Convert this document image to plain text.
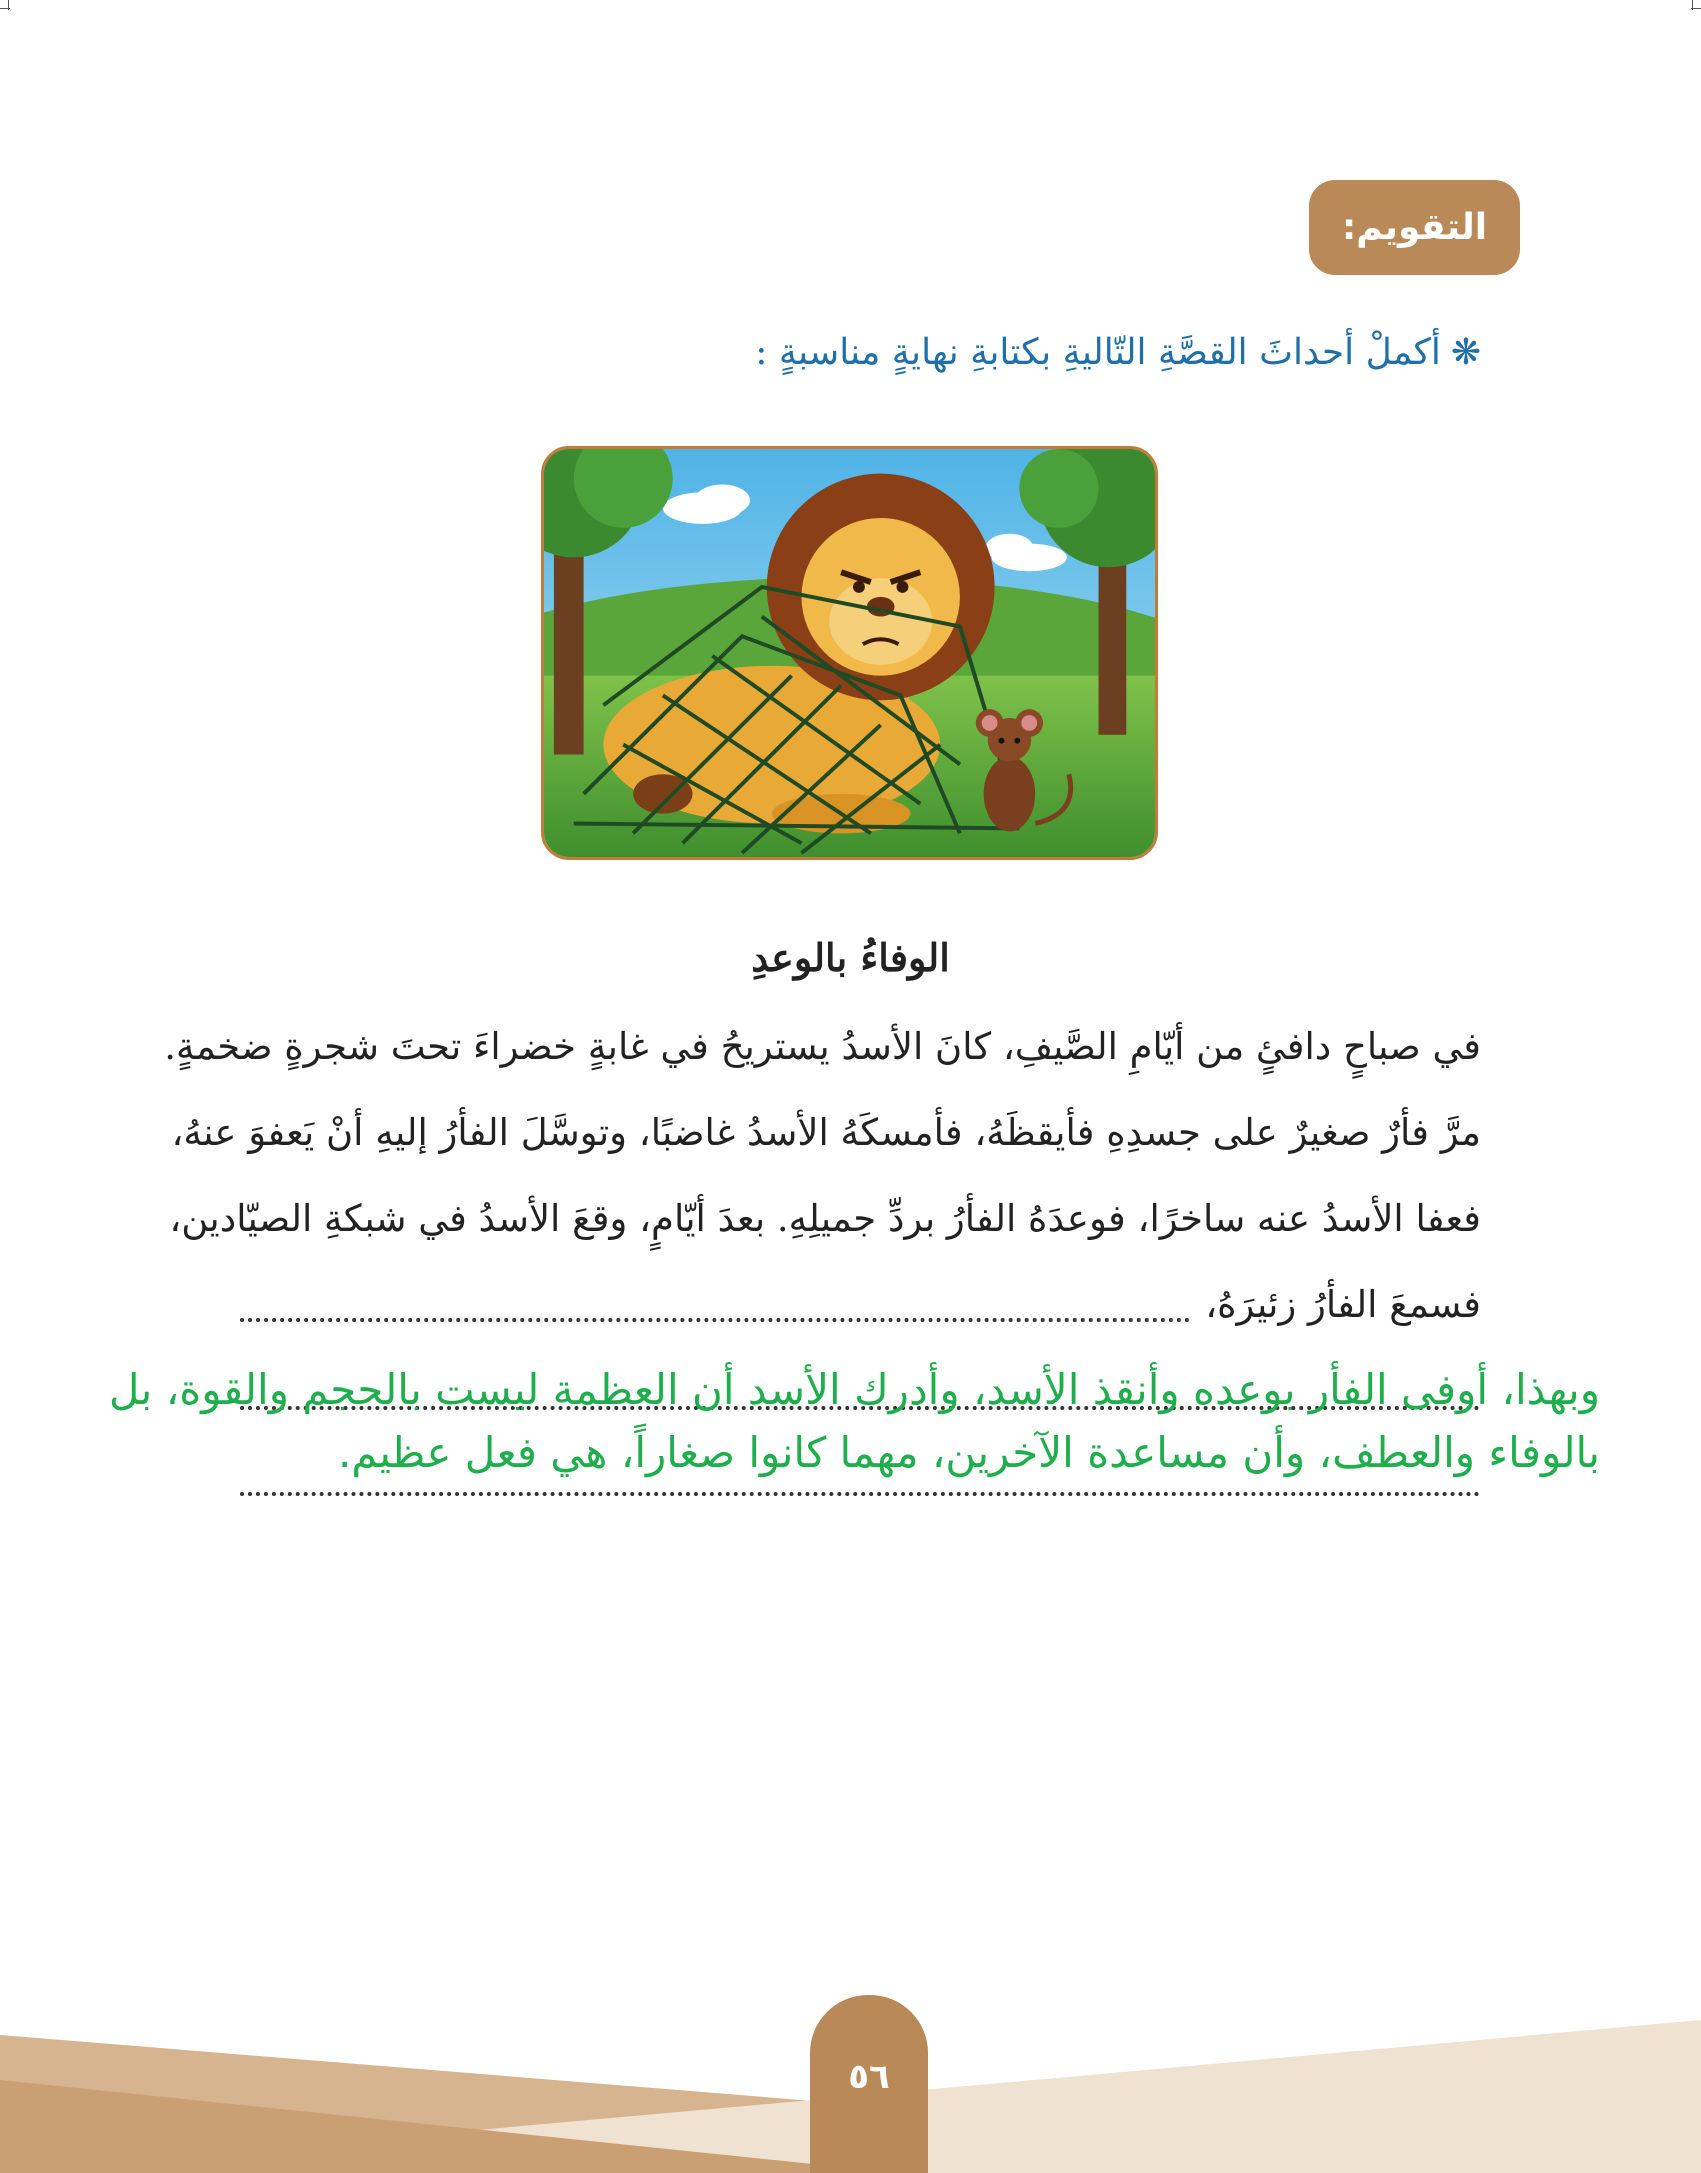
التقويم:
❋أكملْ أحداثَ القصَّةِ التّاليةِ بكتابةِ نهايةٍ مناسبةٍ :
الوفاءُ بالوعدِ
في صباحٍ دافئٍ من أيّامِ الصَّيفِ، كانَ الأسدُ يستريحُ في غابةٍ خضراءَ تحتَ شجرةٍ ضخمةٍ.
مرَّ فأرٌ صغيرٌ على جسدِهِ فأيقظَهُ، فأمسكَهُ الأسدُ غاضبًا، وتوسَّلَ الفأرُ إليهِ أنْ يَعفوَ عنهُ،
فعفا الأسدُ عنه ساخرًا، فوعدَهُ الفأرُ بردِّ جميلِهِ. بعدَ أيّامٍ، وقعَ الأسدُ في شبكةِ الصيّادين،
فسمعَ الفأرُ زئيرَهُ،
وبهذا، أوفى الفأر بوعده وأنقذ الأسد، وأدرك الأسد أن العظمة ليست بالحجم والقوة، بل
بالوفاء والعطف، وأن مساعدة الآخرين، مهما كانوا صغاراً، هي فعل عظيم.
٥٦
